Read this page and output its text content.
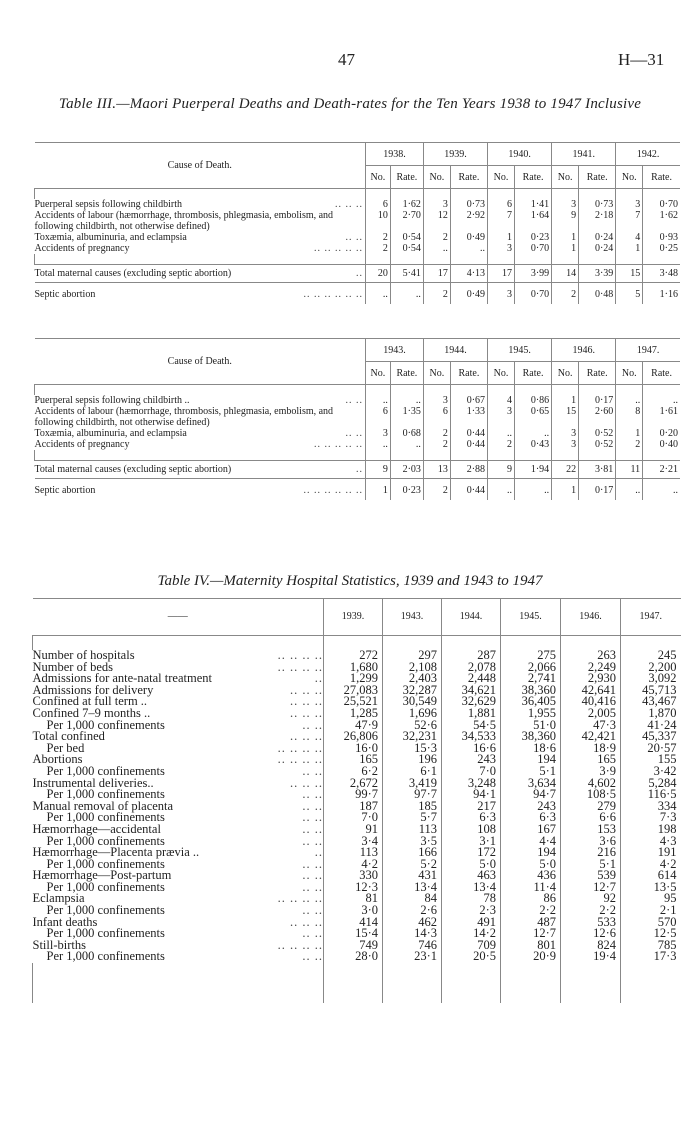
47	H—31
Table III.—Maori Puerperal Deaths and Death-rates for the Ten Years 1938 to 1947 Inclusive
Cause of Death.	1938.		1939.		1940.		1941.		1942.	
	No.	Rate.	No.	Rate.	No.	Rate.	No.	Rate.	No.	Rate.

Puerperal sepsis following childbirth .. .. ..	6	1·62	3	0·73	6	1·41	3	0·73	3	0·70
Accidents of labour (hæmorrhage, thrombosis, phlegmasia, embolism, and following childbirth, not otherwise defined)	10	2·70	12	2·92	7	1·64	9	2·18	7	1·62
Toxæmia, albuminuria, and eclampsia .. ..	2	0·54	2	0·49	1	0·23	1	0·24	4	0·93
Accidents of pregnancy .. .. .. .. ..	2	0·54	..	..	3	0·70	1	0·24	1	0·25

Total maternal causes (excluding septic abortion) ..	20	5·41	17	4·13	17	3·99	14	3·39	15	3·48
Septic abortion .. .. .. .. .. ..	..	..	2	0·49	3	0·70	2	0·48	5	1·16
Cause of Death.	1943.		1944.		1945.		1946.		1947.	
	No.	Rate.	No.	Rate.	No.	Rate.	No.	Rate.	No.	Rate.

Puerperal sepsis following childbirth .. .. ..	..	..	3	0·67	4	0·86	1	0·17	..	..
Accidents of labour (hæmorrhage, thrombosis, phlegmasia, embolism, and following childbirth, not otherwise defined)	6	1·35	6	1·33	3	0·65	15	2·60	8	1·61
Toxæmia, albuminuria, and eclampsia .. ..	3	0·68	2	0·44	..	..	3	0·52	1	0·20
Accidents of pregnancy .. .. .. .. ..	..	..	2	0·44	2	0·43	3	0·52	2	0·40

Total maternal causes (excluding septic abortion) ..	9	2·03	13	2·88	9	1·94	22	3·81	11	2·21
Septic abortion .. .. .. .. .. ..	1	0·23	2	0·44	..	..	1	0·17	..	..
Table IV.—Maternity Hospital Statistics, 1939 and 1943 to 1947
——	1939.	1943.	1944.	1945.	1946.	1947.

Number of hospitals .. .. .. ..	272	297	287	275	263	245
Number of beds .. .. .. ..	1,680	2,108	2,078	2,066	2,249	2,200
Admissions for ante-natal treatment ..	1,299	2,403	2,448	2,741	2,930	3,092
Admissions for delivery .. .. ..	27,083	32,287	34,621	38,360	42,641	45,713
Confined at full term .. .. .. ..	25,521	30,549	32,629	36,405	40,416	43,467
Confined 7–9 months .. .. .. ..	1,285	1,696	1,881	1,955	2,005	1,870
Per 1,000 confinements .. ..	47·9	52·6	54·5	51·0	47·3	41·24
Total confined .. .. ..	26,806	32,231	34,533	38,360	42,421	45,337
Per bed .. .. .. ..	16·0	15·3	16·6	18·6	18·9	20·57
Abortions .. .. .. ..	165	196	243	194	165	155
Per 1,000 confinements .. ..	6·2	6·1	7·0	5·1	3·9	3·42
Instrumental deliveries.. .. .. ..	2,672	3,419	3,248	3,634	4,602	5,284
Per 1,000 confinements .. ..	99·7	97·7	94·1	94·7	108·5	116·5
Manual removal of placenta .. ..	187	185	217	243	279	334
Per 1,000 confinements .. ..	7·0	5·7	6·3	6·3	6·6	7·3
Hæmorrhage—accidental .. ..	91	113	108	167	153	198
Per 1,000 confinements .. ..	3·4	3·5	3·1	4·4	3·6	4·3
Hæmorrhage—Placenta prævia .. ..	113	166	172	194	216	191
Per 1,000 confinements .. ..	4·2	5·2	5·0	5·0	5·1	4·2
Hæmorrhage—Post-partum .. ..	330	431	463	436	539	614
Per 1,000 confinements .. ..	12·3	13·4	13·4	11·4	12·7	13·5
Eclampsia .. .. .. ..	81	84	78	86	92	95
Per 1,000 confinements .. ..	3·0	2·6	2·3	2·2	2·2	2·1
Infant deaths .. .. ..	414	462	491	487	533	570
Per 1,000 confinements .. ..	15·4	14·3	14·2	12·7	12·6	12·5
Still-births .. .. .. ..	749	746	709	801	824	785
Per 1,000 confinements .. ..	28·0	23·1	20·5	20·9	19·4	17·3
